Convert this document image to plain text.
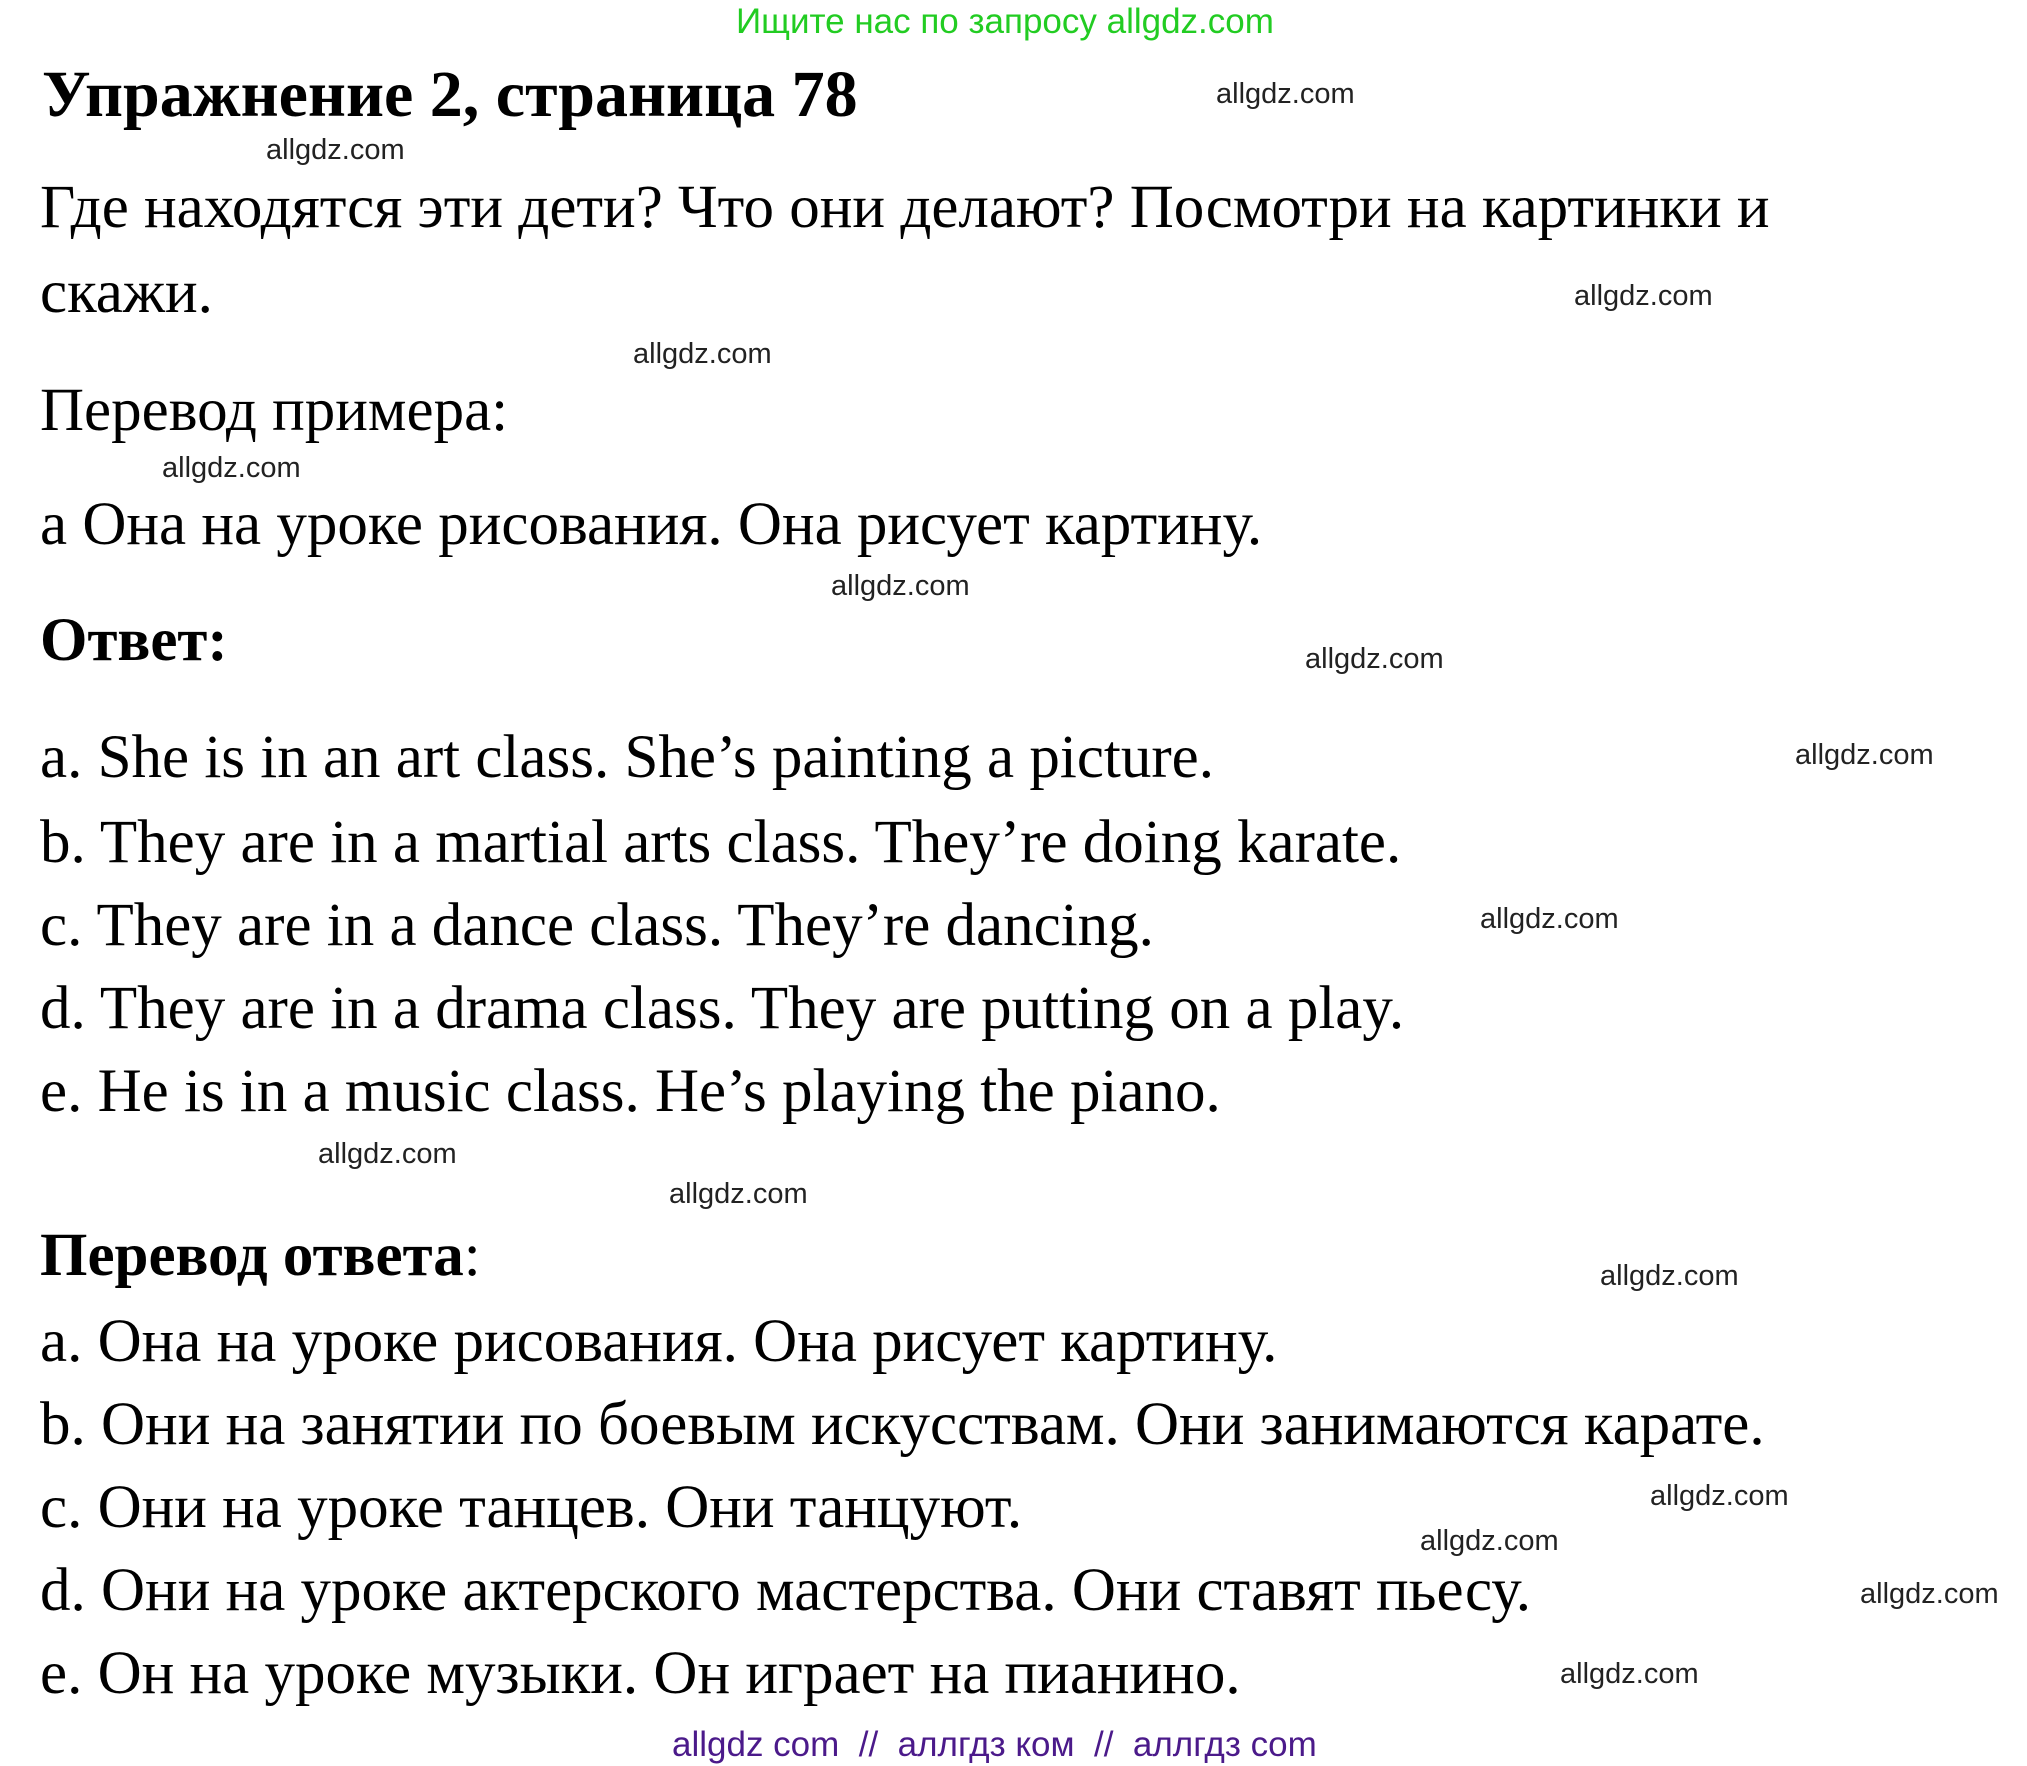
Ищите нас по запросу allgdz.com
Упражнение 2, страница 78
Где находятся эти дети? Что они делают? Посмотри на картинки и
скажи.
Перевод примера:
a Она на уроке рисования. Она рисует картину.
Ответ:
a. She is in an art class. She’s painting a picture.
b. They are in a martial arts class. They’re doing karate.
c. They are in a dance class. They’re dancing.
d. They are in a drama class. They are putting on a play.
e. He is in a music class. He’s playing the piano.
Перевод ответа:
a. Она на уроке рисования. Она рисует картину.
b. Они на занятии по боевым искусствам. Они занимаются карате.
c. Они на уроке танцев. Они танцуют.
d. Они на уроке актерского мастерства. Они ставят пьесу.
e. Он на уроке музыки. Он играет на пианино.
allgdz.com
allgdz.com
allgdz.com
allgdz.com
allgdz.com
allgdz.com
allgdz.com
allgdz.com
allgdz.com
allgdz.com
allgdz.com
allgdz.com
allgdz.com
allgdz.com
allgdz.com
allgdz.com
allgdz com  //  аллгдз ком  //  аллгдз com
